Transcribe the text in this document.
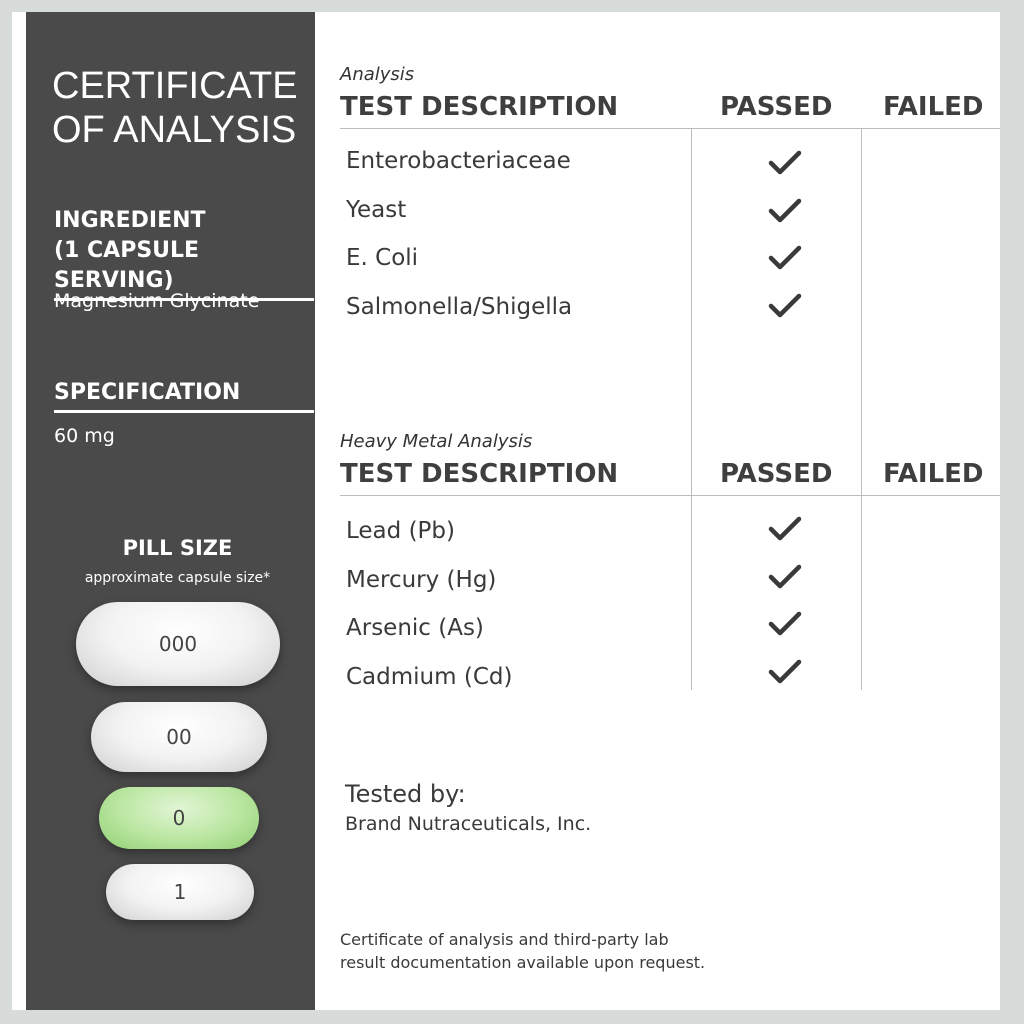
CERTIFICATE
OF ANALYSIS
INGREDIENT
(1 CAPSULE SERVING)
Magnesium Glycinate
SPECIFICATION
60 mg
PILL SIZE
approximate capsule size*
000
00
0
1
Analysis
TEST DESCRIPTION	PASSED FAILED
Enterobacteriaceae
Yeast
E. Coli
Salmonella/Shigella
Heavy Metal Analysis
TEST DESCRIPTION	PASSED FAILED
Lead (Pb)
Mercury (Hg)
Arsenic (As)
Cadmium (Cd)
Tested by:
Brand Nutraceuticals, Inc.
Certificate of analysis and third-party lab
result documentation available upon request.
